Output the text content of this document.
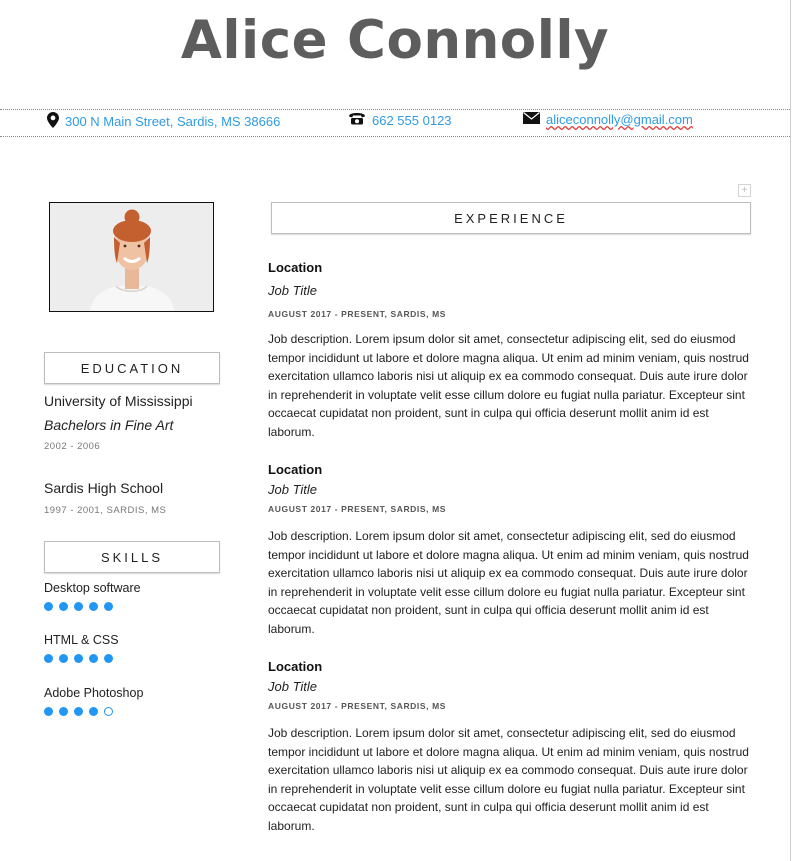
Alice Connolly
300 N Main Street, Sardis, MS 38666	662 555 0123	aliceconnolly@gmail.com
+
EDUCATION
University of Mississippi
Bachelors in Fine Art
2002 - 2006
Sardis High School
1997 - 2001, SARDIS, MS
SKILLS
Desktop software
HTML & CSS
Adobe Photoshop
EXPERIENCE
Location
Job Title
AUGUST 2017 - PRESENT, SARDIS, MS
Job description. Lorem ipsum dolor sit amet, consectetur adipiscing elit, sed do eiusmod tempor incididunt ut labore et dolore magna aliqua. Ut enim ad minim veniam, quis nostrud exercitation ullamco laboris nisi ut aliquip ex ea commodo consequat. Duis aute irure dolor in reprehenderit in voluptate velit esse cillum dolore eu fugiat nulla pariatur. Excepteur sint occaecat cupidatat non proident, sunt in culpa qui officia deserunt mollit anim id est laborum.
Location
Job Title
AUGUST 2017 - PRESENT, SARDIS, MS
Job description. Lorem ipsum dolor sit amet, consectetur adipiscing elit, sed do eiusmod tempor incididunt ut labore et dolore magna aliqua. Ut enim ad minim veniam, quis nostrud exercitation ullamco laboris nisi ut aliquip ex ea commodo consequat. Duis aute irure dolor in reprehenderit in voluptate velit esse cillum dolore eu fugiat nulla pariatur. Excepteur sint occaecat cupidatat non proident, sunt in culpa qui officia deserunt mollit anim id est laborum.
Location
Job Title
AUGUST 2017 - PRESENT, SARDIS, MS
Job description. Lorem ipsum dolor sit amet, consectetur adipiscing elit, sed do eiusmod tempor incididunt ut labore et dolore magna aliqua. Ut enim ad minim veniam, quis nostrud exercitation ullamco laboris nisi ut aliquip ex ea commodo consequat. Duis aute irure dolor in reprehenderit in voluptate velit esse cillum dolore eu fugiat nulla pariatur. Excepteur sint occaecat cupidatat non proident, sunt in culpa qui officia deserunt mollit anim id est laborum.
